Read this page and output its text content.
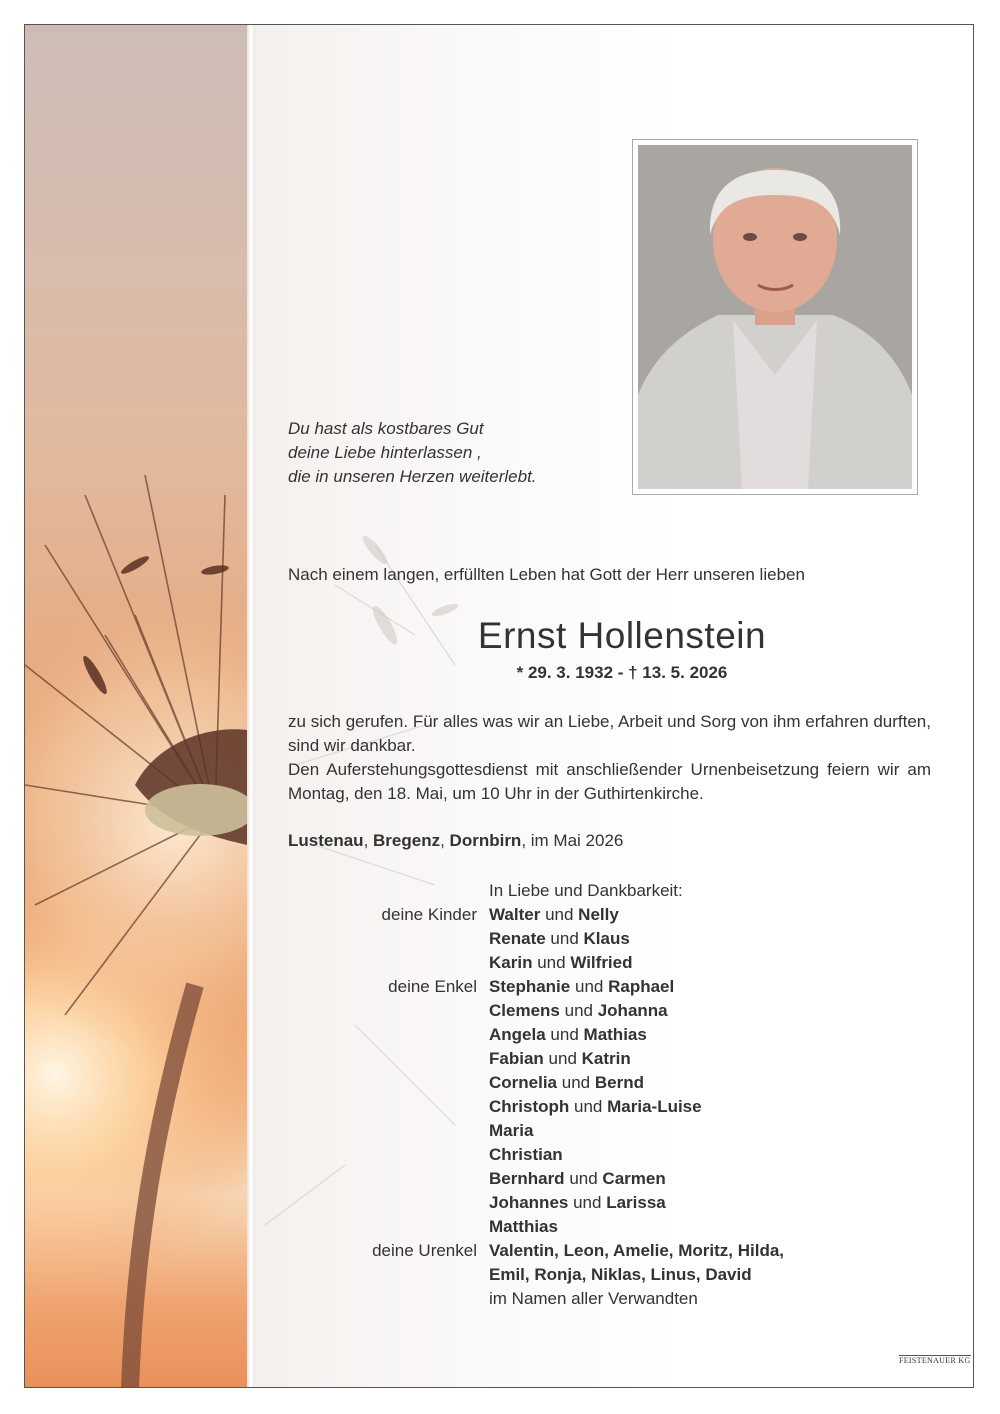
Du hast als kostbares Gut
deine Liebe hinterlassen ,
die in unseren Herzen weiterlebt.
Nach einem langen, erfüllten Leben hat Gott der Herr unseren lieben
Ernst Hollenstein
* 29. 3. 1932 - † 13. 5. 2026

zu sich gerufen. Für alles was wir an Liebe, Arbeit und Sorg von ihm erfahren durften, sind wir dankbar.

Den Auferstehungsgottesdienst mit anschließender Urnenbeisetzung feiern wir am Montag, den 18. Mai, um 10 Uhr in der Guthirtenkirche.

Lustenau, Bregenz, Dornbirn, im Mai 2026
In Liebe und Dankbarkeit:
deine Kinder Walter und Nelly
Renate und Klaus
Karin und Wilfried
deine Enkel Stephanie und Raphael
Clemens und Johanna
Angela und Mathias
Fabian und Katrin
Cornelia und Bernd
Christoph und Maria-Luise
Maria
Christian
Bernhard und Carmen
Johannes und Larissa
Matthias
deine Urenkel Valentin, Leon, Amelie, Moritz, Hilda,
Emil, Ronja, Niklas, Linus, David
im Namen aller Verwandten
FEISTENAUER KG
